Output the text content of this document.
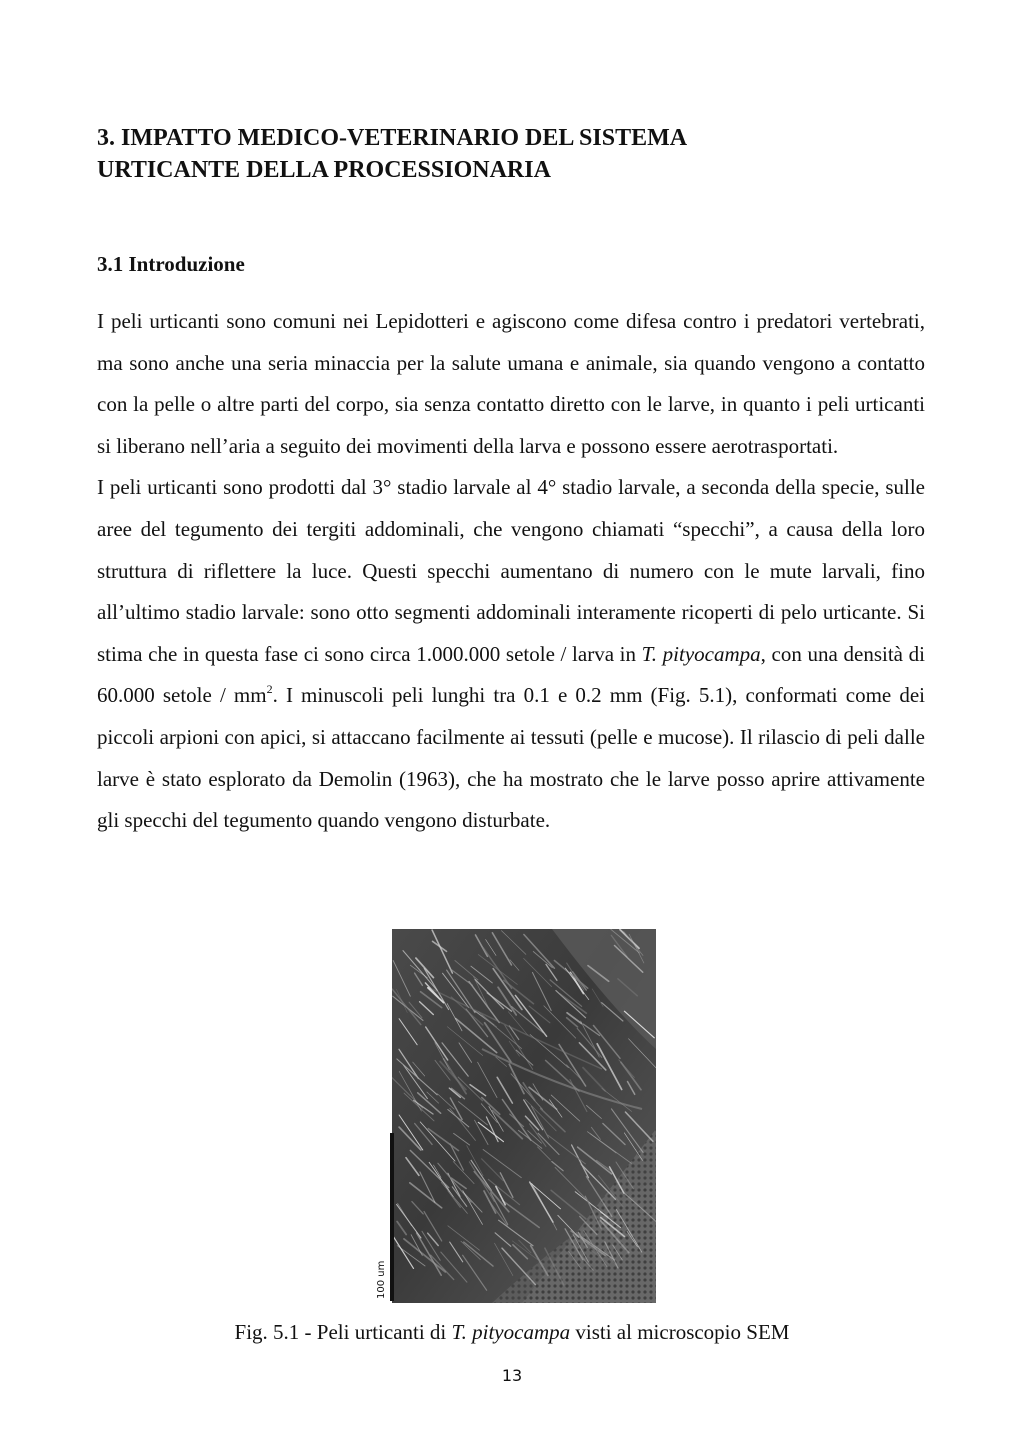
3. IMPATTO MEDICO-VETERINARIO DEL SISTEMA
URTICANTE DELLA PROCESSIONARIA
3.1 Introduzione

I peli urticanti sono comuni nei Lepidotteri e agiscono come difesa contro i predatori vertebrati, ma sono anche una seria minaccia per la salute umana e animale, sia quando vengono a contatto con la pelle o altre parti del corpo, sia senza contatto diretto con le larve, in quanto i peli urticanti si liberano nell’aria a seguito dei movimenti della larva e possono essere aerotrasportati.

I peli urticanti sono prodotti dal 3° stadio larvale al 4° stadio larvale, a seconda della specie, sulle aree del tegumento dei tergiti addominali, che vengono chiamati “specchi”, a causa della loro struttura di riflettere la luce. Questi specchi aumentano di numero con le mute larvali, fino all’ultimo stadio larvale: sono otto segmenti addominali interamente ricoperti di pelo urticante. Si stima che in questa fase ci sono circa 1.000.000 setole / larva in T. pityocampa, con una densità di 60.000 setole / $mm^2$. I minuscoli peli lunghi tra 0.1 e 0.2 mm (Fig. 5.1), conformati come dei piccoli arpioni con apici, si attaccano facilmente ai tessuti (pelle e mucose). Il rilascio di peli dalle larve è stato esplorato da Demolin (1963), che ha mostrato che le larve posso aprire attivamente gli specchi del tegumento quando vengono disturbate.

100 um
Fig. 5.1 - Peli urticanti di T. pityocampa visti al microscopio SEM
13
